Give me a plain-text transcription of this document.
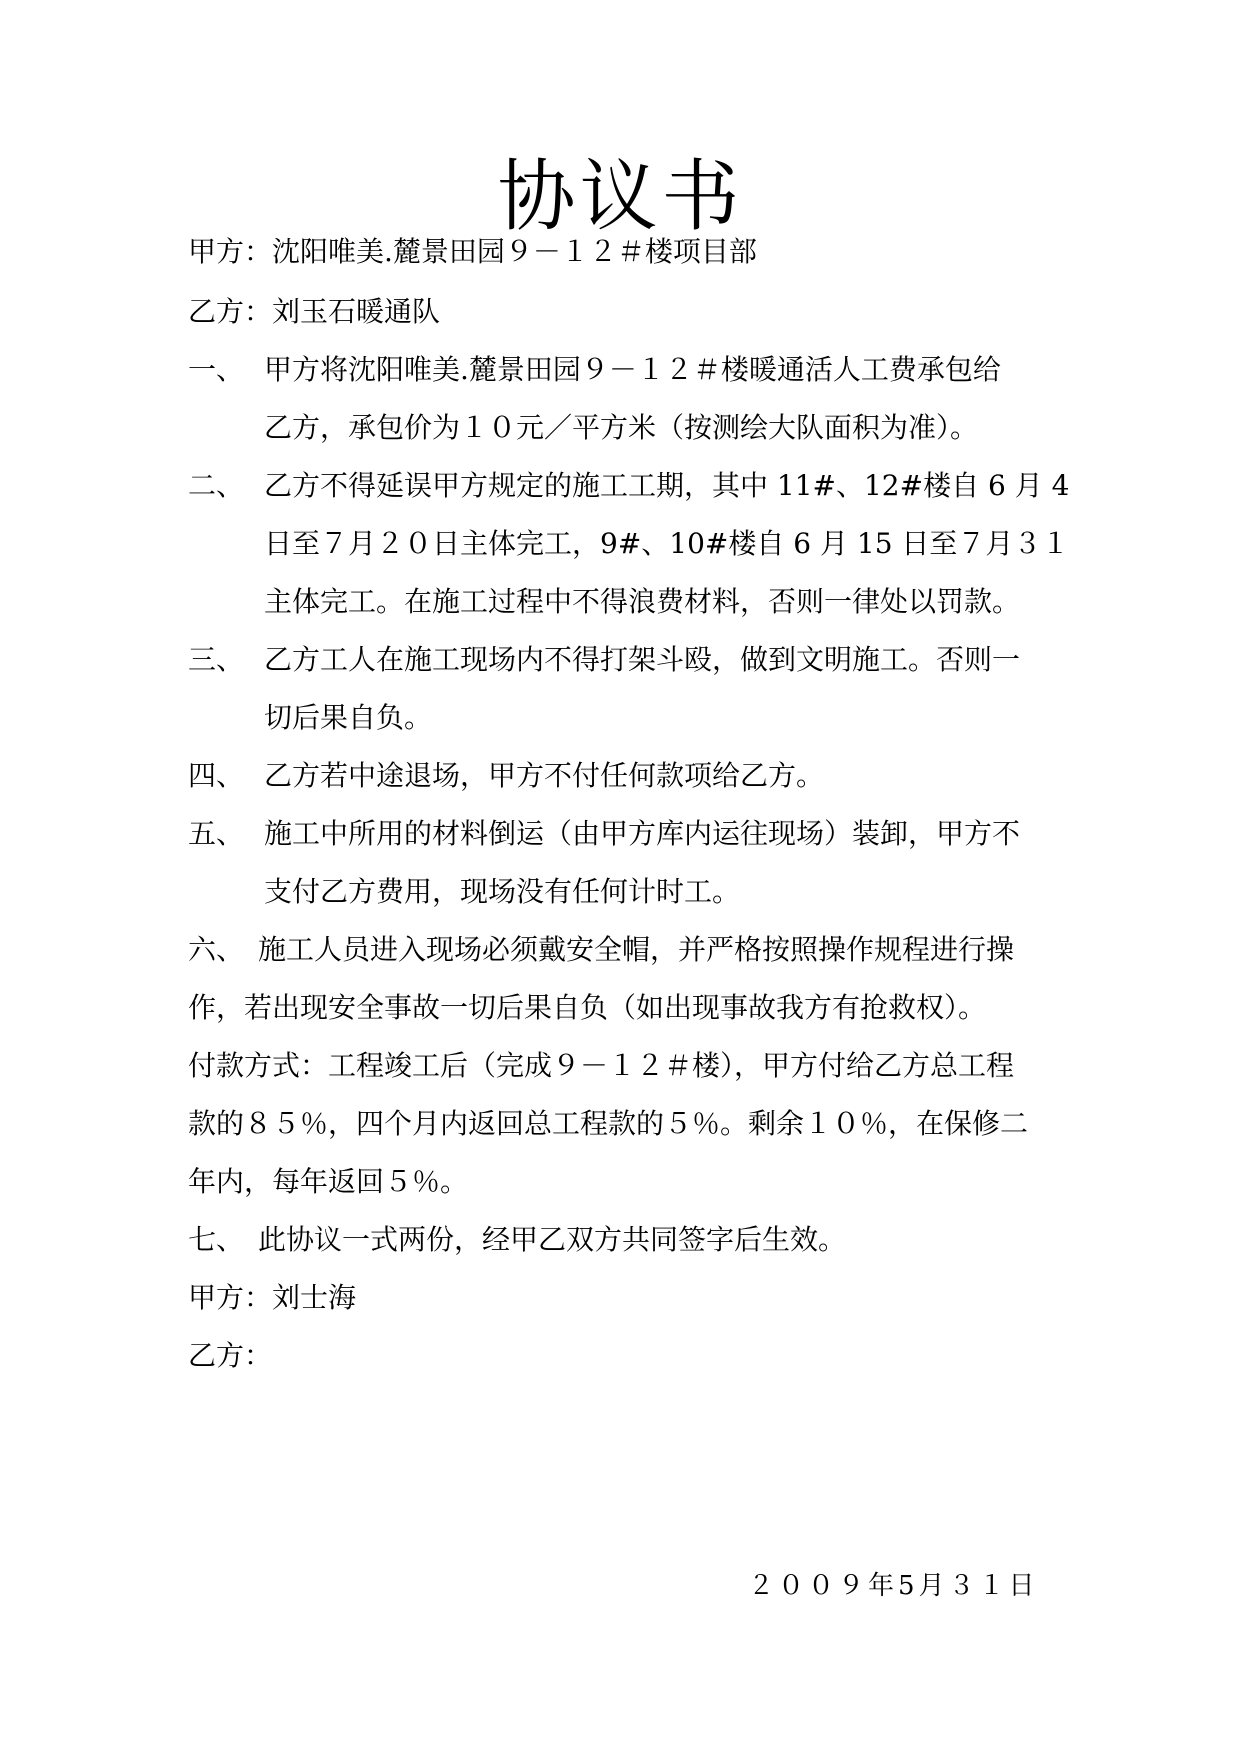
协议书
甲方：沈阳唯美.麓景田园９－１２＃楼项目部
乙方：刘玉石暖通队
一、 甲方将沈阳唯美.麓景田园９－１２＃楼暖通活人工费承包给
乙方，承包价为１０元／平方米（按测绘大队面积为准）。
二、 乙方不得延误甲方规定的施工工期，其中 11#、12#楼自 6 月 4
日至７月２０日主体完工，9#、10#楼自 6 月 15 日至７月３１
主体完工。在施工过程中不得浪费材料，否则一律处以罚款。
三、 乙方工人在施工现场内不得打架斗殴，做到文明施工。否则一
切后果自负。
四、 乙方若中途退场，甲方不付任何款项给乙方。
五、 施工中所用的材料倒运（由甲方库内运往现场）装卸，甲方不
支付乙方费用，现场没有任何计时工。
六、　施工人员进入现场必须戴安全帽，并严格按照操作规程进行操
作，若出现安全事故一切后果自负（如出现事故我方有抢救权）。
付款方式：工程竣工后（完成９－１２＃楼），甲方付给乙方总工程
款的８５％，四个月内返回总工程款的５％。剩余１０％，在保修二
年内，每年返回５％。
七、　此协议一式两份，经甲乙双方共同签字后生效。
甲方：刘士海
乙方：
２００９年5月３１日
